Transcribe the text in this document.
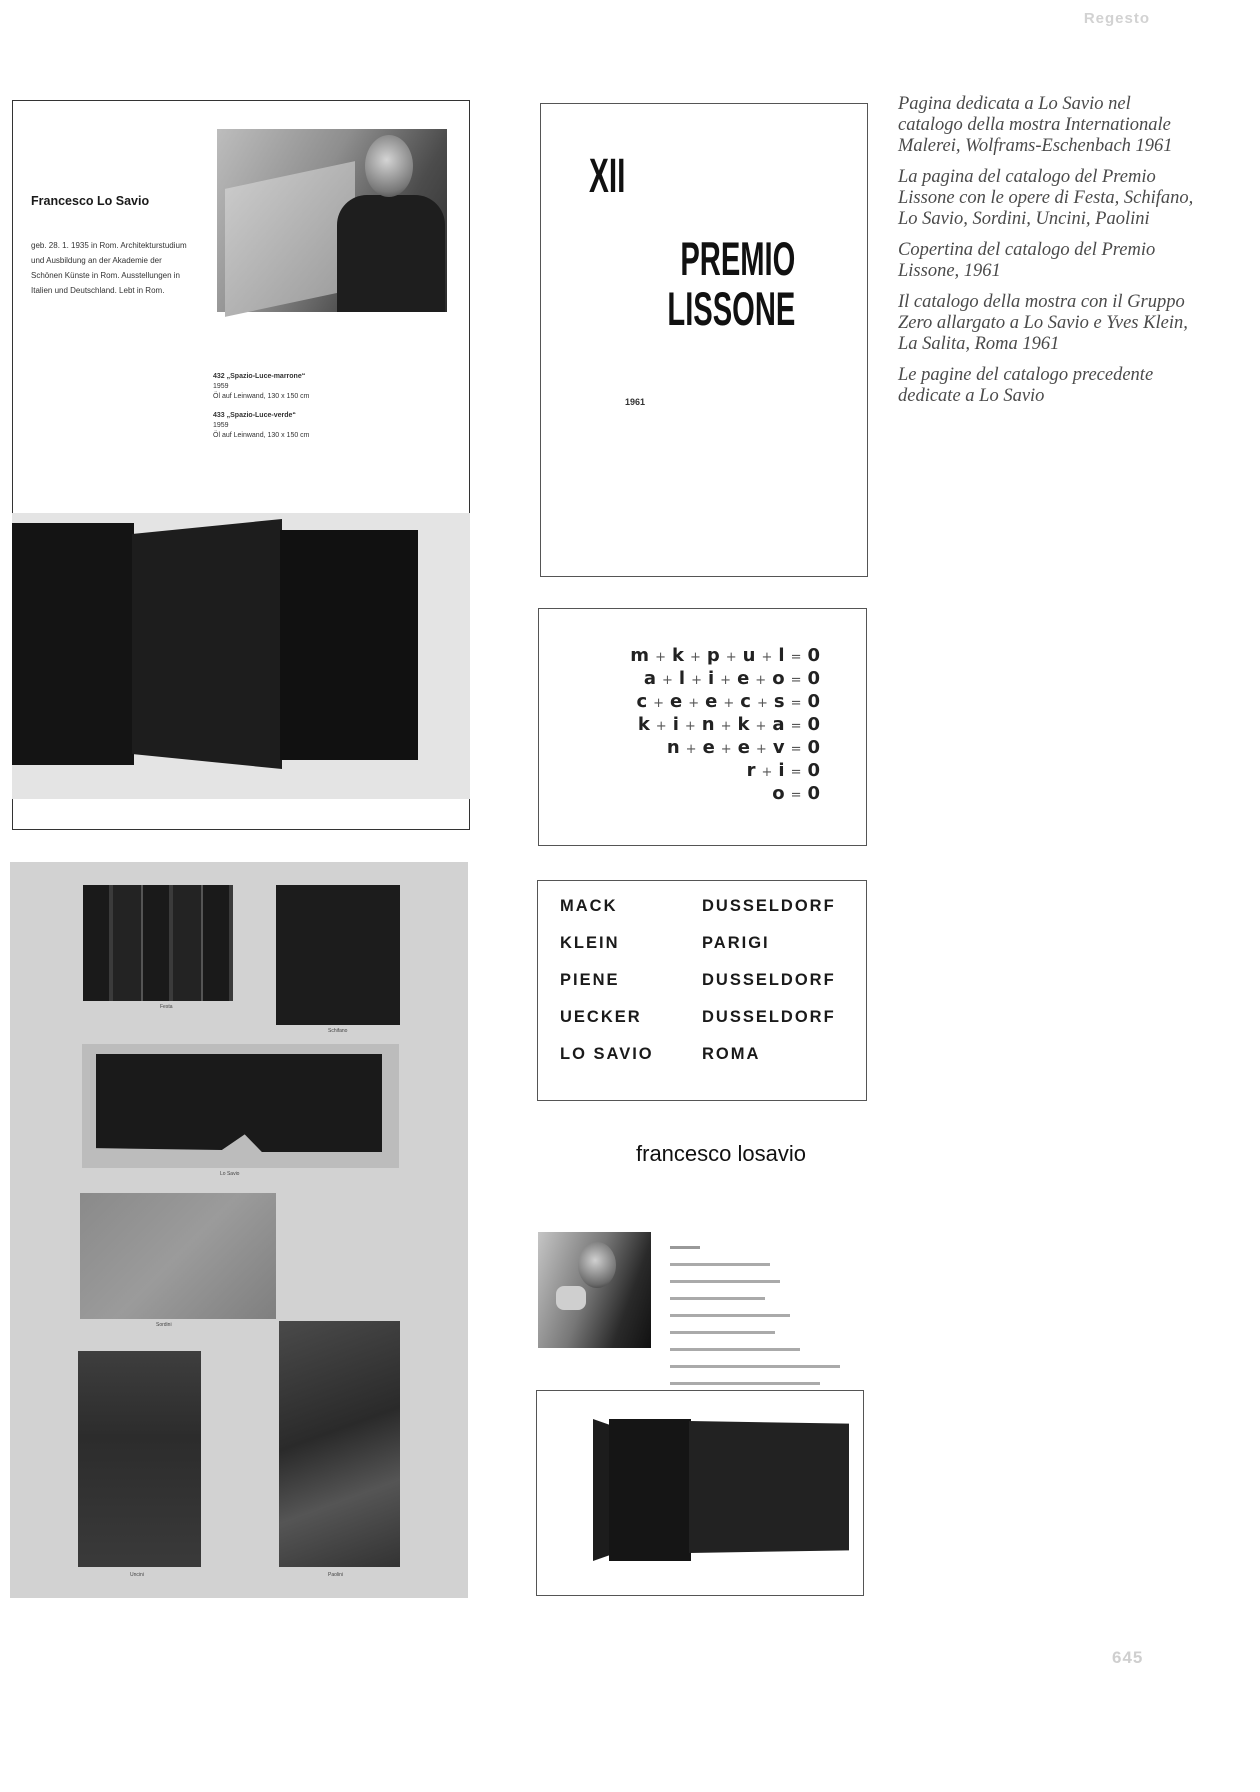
Regesto

Pagina dedicata a Lo Savio nel catalogo della mostra Internationale Malerei, Wolframs-Eschenbach 1961

La pagina del catalogo del Premio Lissone con le opere di Festa, Schifano, Lo Savio, Sordini, Uncini, Paolini

Copertina del catalogo del Premio Lissone, 1961

Il catalogo della mostra con il Gruppo Zero allargato a Lo Savio e Yves Klein, La Salita, Roma 1961

Le pagine del catalogo precedente dedicate a Lo Savio

Francesco Lo Savio
geb. 28. 1. 1935 in Rom. Architekturstudium und Ausbildung an der Akademie der Schönen Künste in Rom. Ausstellungen in Italien und Deutschland. Lebt in Rom.
432 „Spazio-Luce-marrone“
1959
Öl auf Leinwand, 130 x 150 cm
433 „Spazio-Luce-verde“
1959
Öl auf Leinwand, 130 x 150 cm
XII
PREMIO
LISSONE
1961
m + k + p + u + l = 0
a + l + i + e + o = 0
c + e + e + c + s = 0
k + i + n + k + a = 0
n + e + e + v = 0
r + i = 0
o = 0
MACK	DUSSELDORF
KLEIN	PARIGI
PIENE	DUSSELDORF
UECKER	DUSSELDORF
LO SAVIO	ROMA
francesco losavio

Festa
Schifano
Lo Savio
Sordini
Uncini	Paolini
645
